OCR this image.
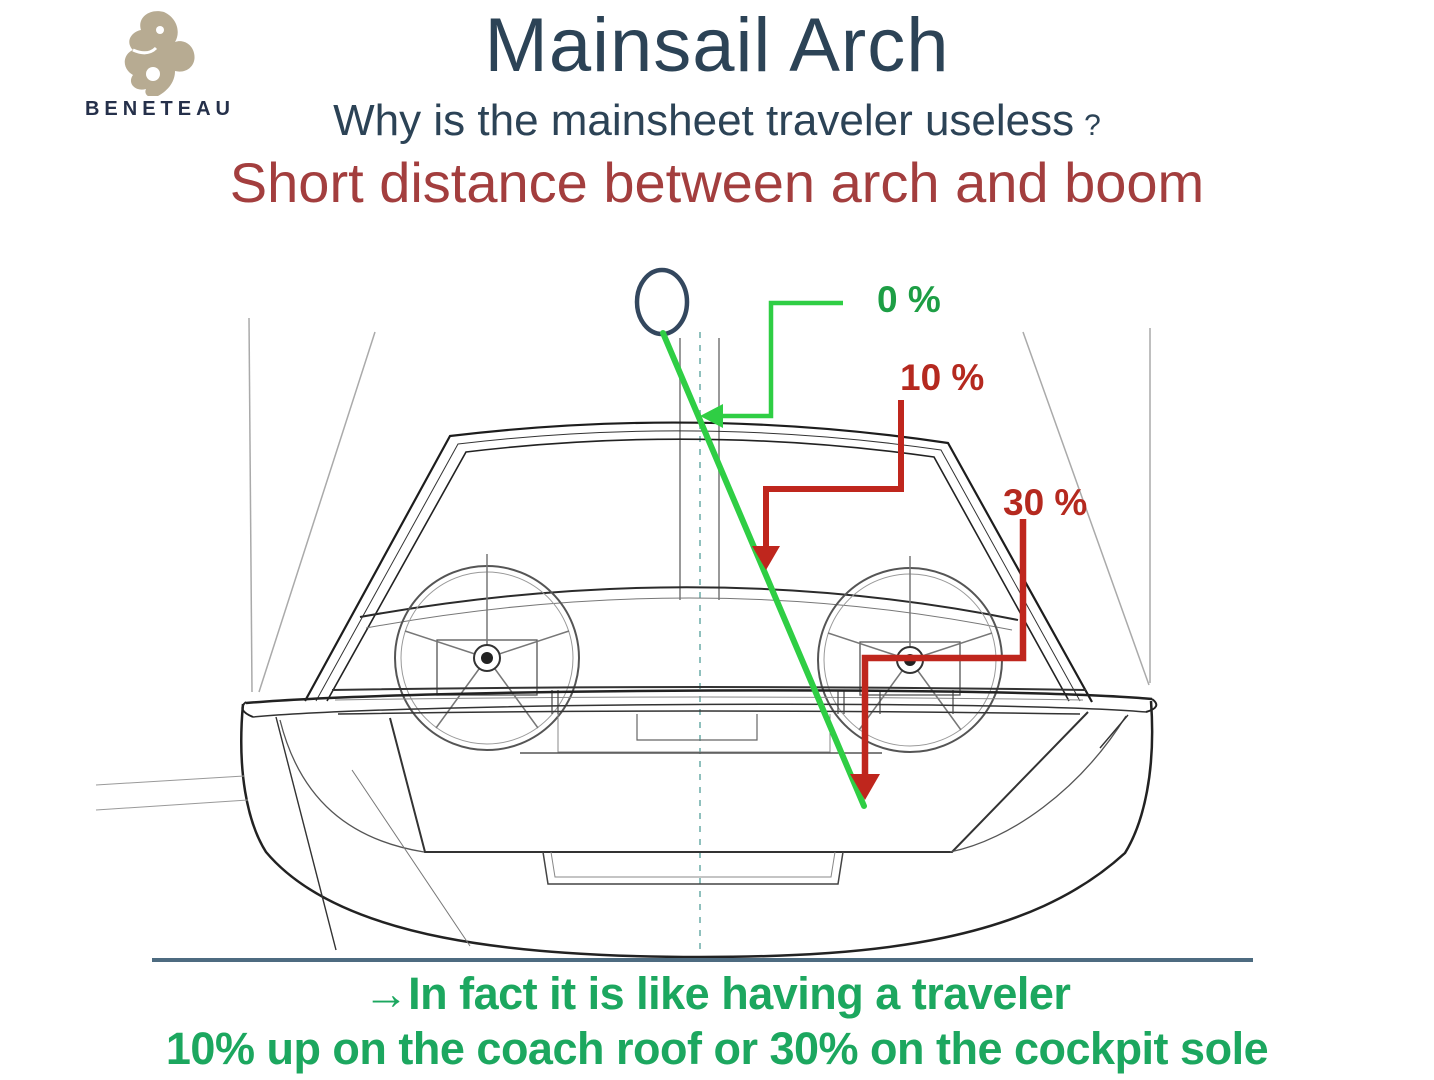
BENETEAU
Mainsail Arch
Why is the mainsheet traveler useless ?
Short distance between arch and boom
0 %
10 %
30 %
→In fact it is like having a traveler
10% up on the coach roof or 30% on the cockpit sole
